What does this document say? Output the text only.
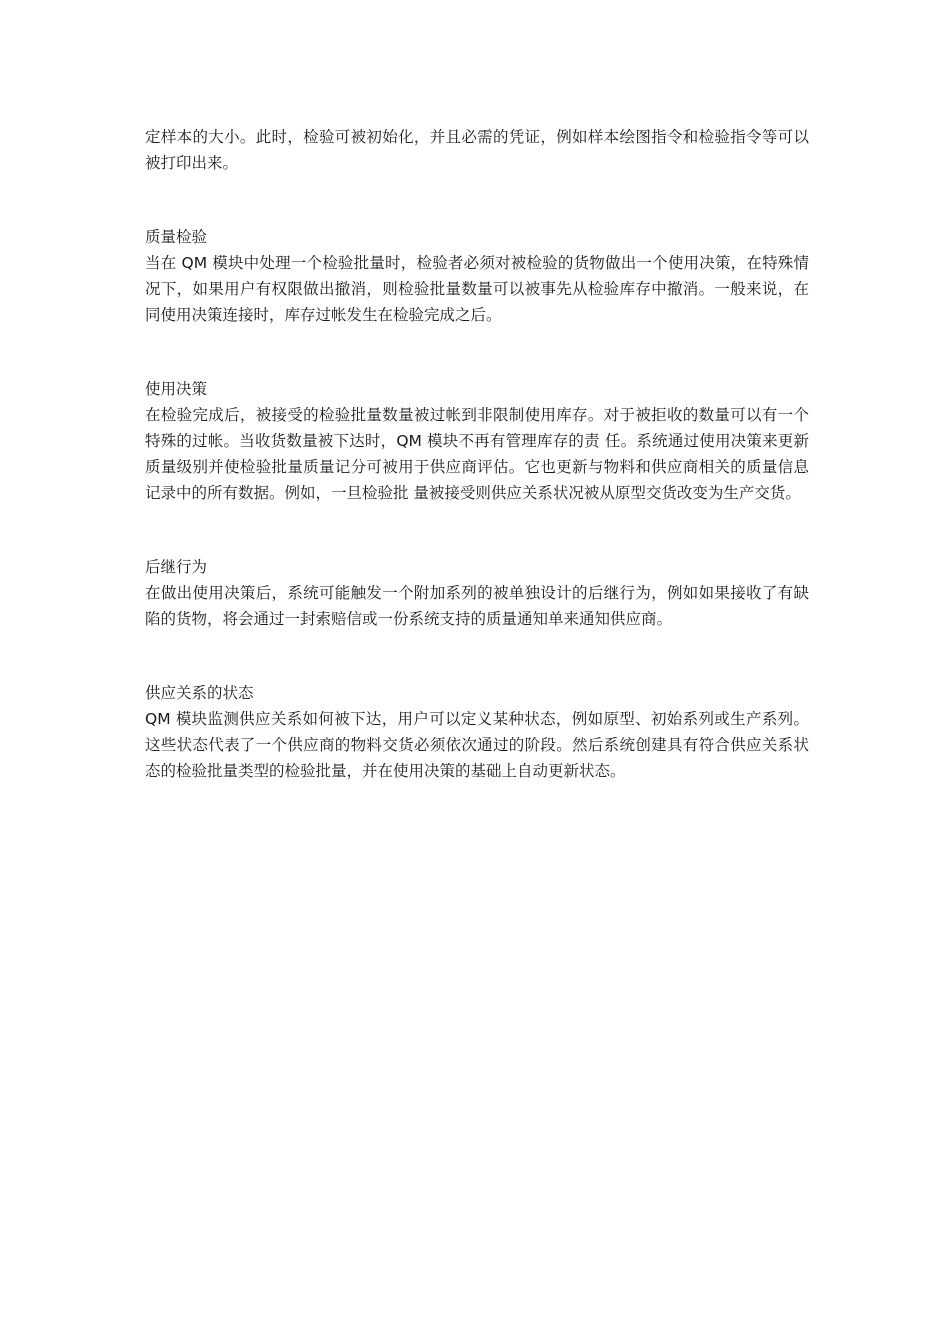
定样本的大小。此时，检验可被初始化，并且必需的凭证，例如样本绘图指令和检验指令等可以被打印出来。

质量检验

当在 QM 模块中处理一个检验批量时，检验者必须对被检验的货物做出一个使用决策，在特殊情况下，如果用户有权限做出撤消，则检验批量数量可以被事先从检验库存中撤消。一般来说，在同使用决策连接时，库存过帐发生在检验完成之后。

使用决策

在检验完成后，被接受的检验批量数量被过帐到非限制使用库存。对于被拒收的数量可以有一个特殊的过帐。当收货数量被下达时，QM 模块不再有管理库存的责 任。系统通过使用决策来更新质量级别并使检验批量质量记分可被用于供应商评估。它也更新与物料和供应商相关的质量信息记录中的所有数据。例如，一旦检验批 量被接受则供应关系状况被从原型交货改变为生产交货。

后继行为

在做出使用决策后，系统可能触发一个附加系列的被单独设计的后继行为，例如如果接收了有缺陷的货物，将会通过一封索赔信或一份系统支持的质量通知单来通知供应商。

供应关系的状态

QM 模块监测供应关系如何被下达，用户可以定义某种状态，例如原型、初始系列或生产系列。这些状态代表了一个供应商的物料交货必须依次通过的阶段。然后系统创建具有符合供应关系状态的检验批量类型的检验批量，并在使用决策的基础上自动更新状态。
